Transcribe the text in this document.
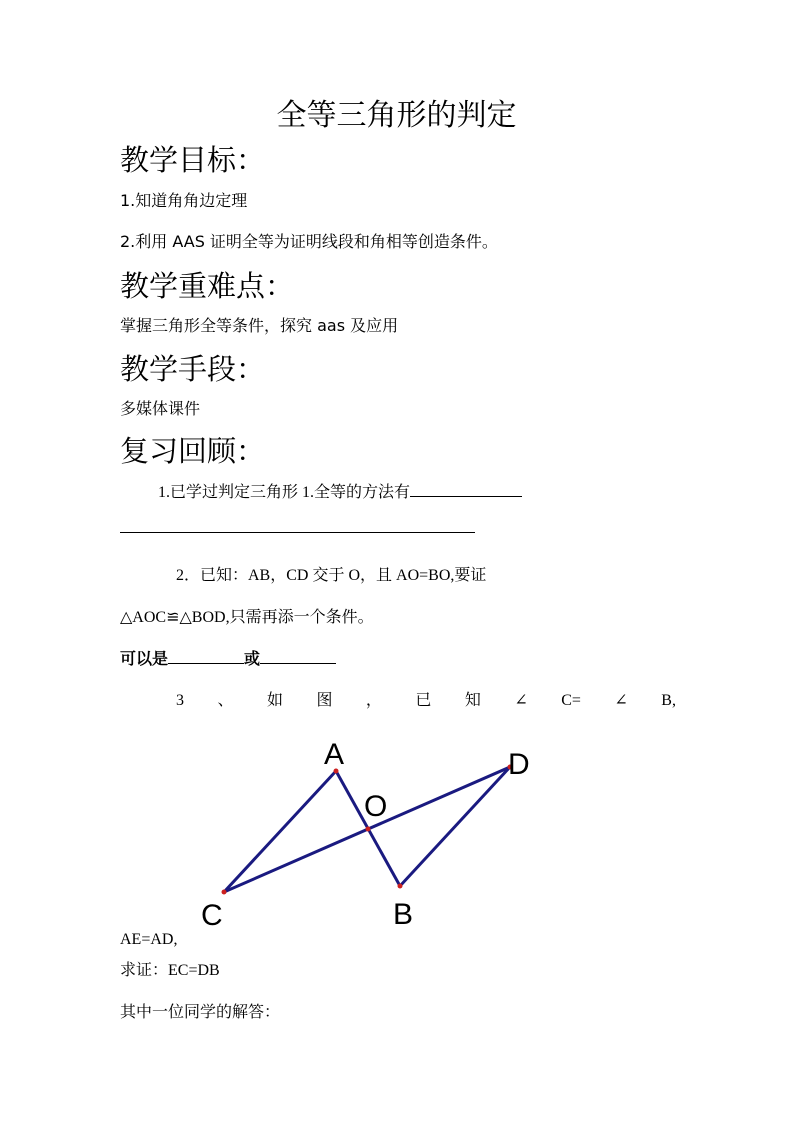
全等三角形的判定
教学目标：
1.知道角角边定理
2.利用 AAS 证明全等为证明线段和角相等创造条件。
教学重难点：
掌握三角形全等条件，探究 aas 及应用
教学手段：
多媒体课件
复习回顾：
1.已学过判定三角形 1.全等的方法有
2．已知：AB，CD 交于 O，且 AO=BO,要证
△AOC≌△BOD,只需再添一个条件。
可以是	或
3 、 如 图 ， 已 知 ∠ C= ∠ B,
A
B
C
D
O
AE=AD,
求证：EC=DB
其中一位同学的解答：
